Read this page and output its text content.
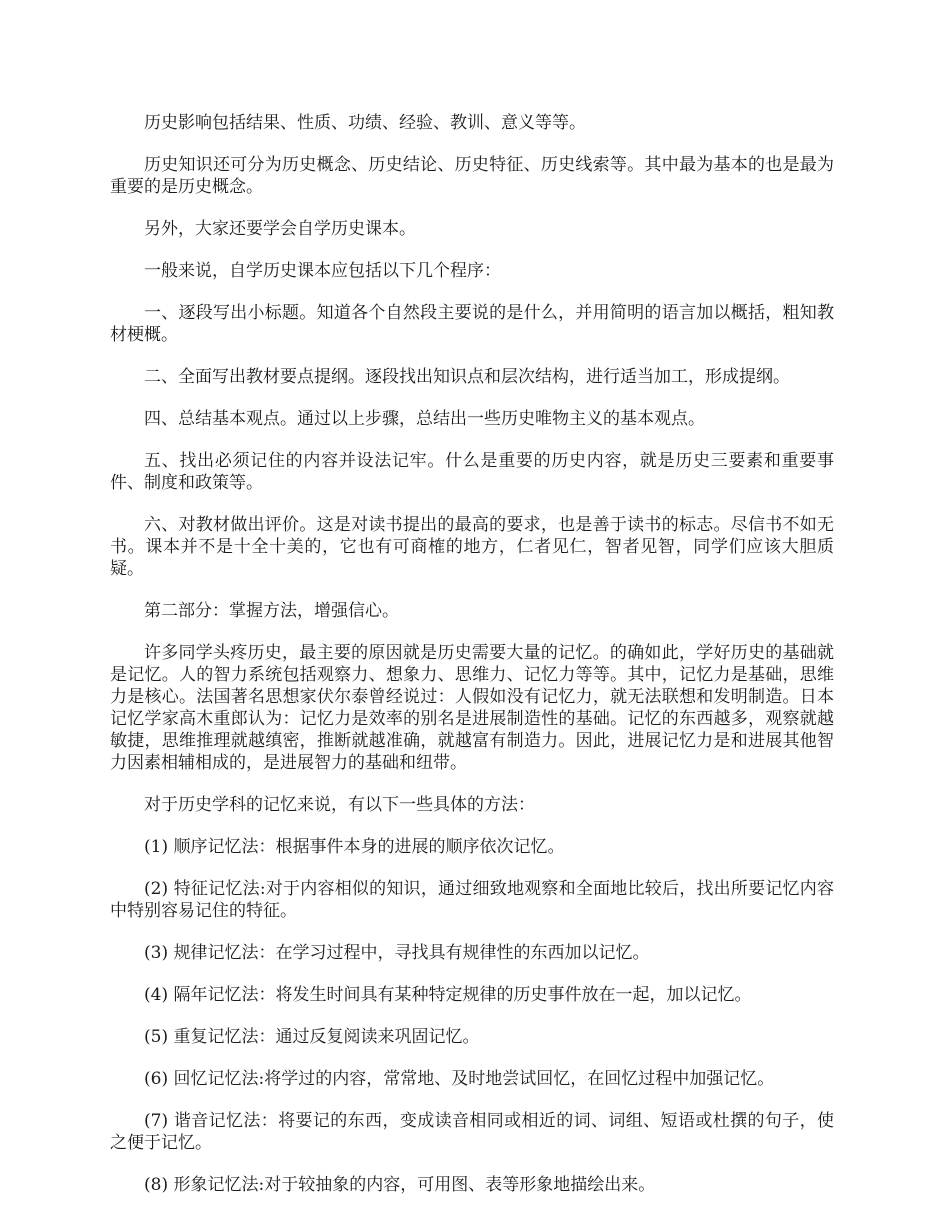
历史影响包括结果、性质、功绩、经验、教训、意义等等。

历史知识还可分为历史概念、历史结论、历史特征、历史线索等。其中最为基本的也是最为重要的是历史概念。

另外，大家还要学会自学历史课本。

一般来说，自学历史课本应包括以下几个程序：

一、逐段写出小标题。知道各个自然段主要说的是什么，并用简明的语言加以概括，粗知教材梗概。

二、全面写出教材要点提纲。逐段找出知识点和层次结构，进行适当加工，形成提纲。

四、总结基本观点。通过以上步骤，总结出一些历史唯物主义的基本观点。

五、找出必须记住的内容并设法记牢。什么是重要的历史内容，就是历史三要素和重要事件、制度和政策等。

六、对教材做出评价。这是对读书提出的最高的要求，也是善于读书的标志。尽信书不如无书。课本并不是十全十美的，它也有可商榷的地方，仁者见仁，智者见智，同学们应该大胆质疑。

第二部分：掌握方法，增强信心。

许多同学头疼历史，最主要的原因就是历史需要大量的记忆。的确如此，学好历史的基础就是记忆。人的智力系统包括观察力、想象力、思维力、记忆力等等。其中，记忆力是基础，思维力是核心。法国著名思想家伏尔泰曾经说过：人假如没有记忆力，就无法联想和发明制造。日本记忆学家高木重郎认为：记忆力是效率的别名是进展制造性的基础。记忆的东西越多，观察就越敏捷，思维推理就越缜密，推断就越准确，就越富有制造力。因此，进展记忆力是和进展其他智力因素相辅相成的，是进展智力的基础和纽带。

对于历史学科的记忆来说，有以下一些具体的方法：

(1) 顺序记忆法：根据事件本身的进展的顺序依次记忆。

(2) 特征记忆法:对于内容相似的知识，通过细致地观察和全面地比较后，找出所要记忆内容中特别容易记住的特征。

(3) 规律记忆法：在学习过程中，寻找具有规律性的东西加以记忆。

(4) 隔年记忆法：将发生时间具有某种特定规律的历史事件放在一起，加以记忆。

(5) 重复记忆法：通过反复阅读来巩固记忆。

(6) 回忆记忆法:将学过的内容，常常地、及时地尝试回忆，在回忆过程中加强记忆。

(7) 谐音记忆法：将要记的东西，变成读音相同或相近的词、词组、短语或杜撰的句子，使之便于记忆。

(8) 形象记忆法:对于较抽象的内容，可用图、表等形象地描绘出来。
